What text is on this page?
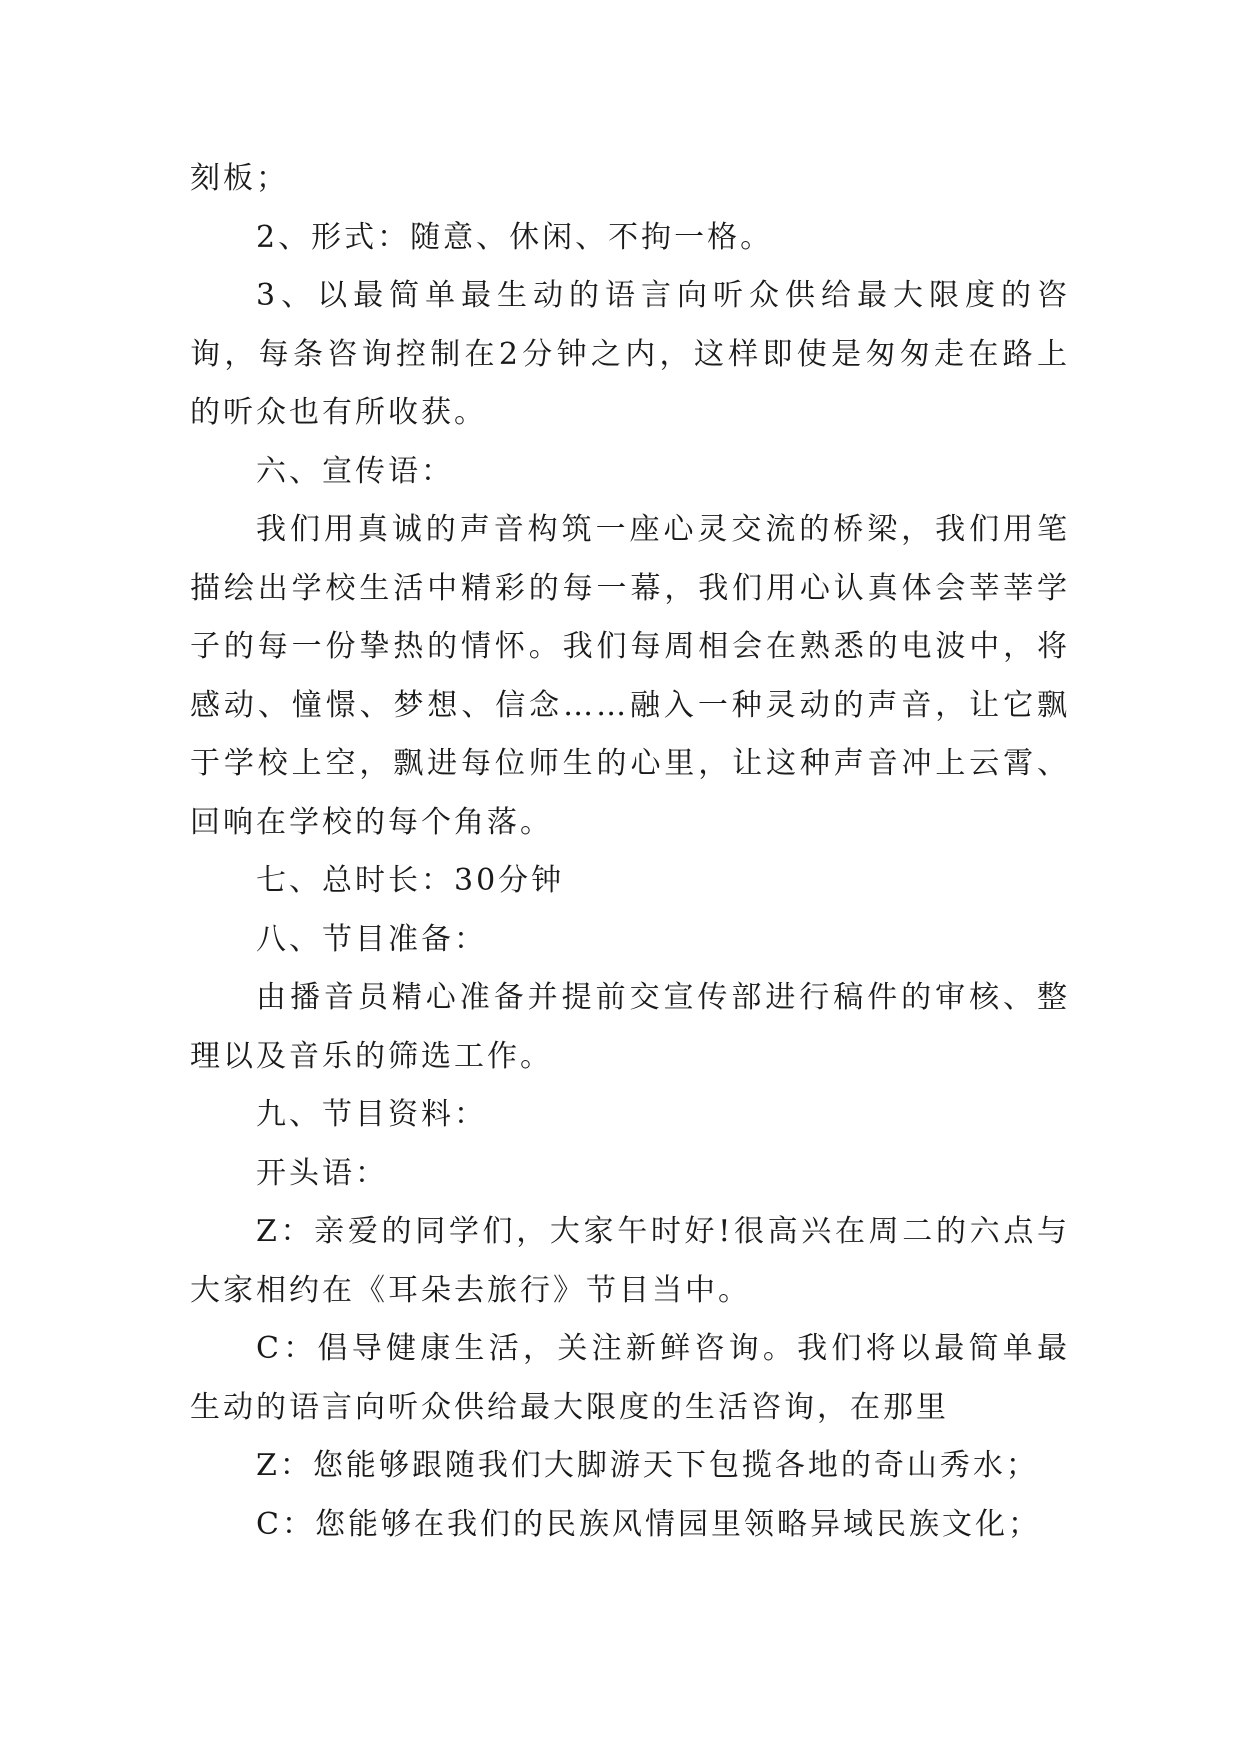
刻板；

2、形式：随意、休闲、不拘一格。

3、以最简单最生动的语言向听众供给最大限度的咨询，每条咨询控制在2分钟之内，这样即使是匆匆走在路上的听众也有所收获。

六、宣传语：

我们用真诚的声音构筑一座心灵交流的桥梁，我们用笔描绘出学校生活中精彩的每一幕，我们用心认真体会莘莘学子的每一份挚热的情怀。我们每周相会在熟悉的电波中，将感动、憧憬、梦想、信念……融入一种灵动的声音，让它飘于学校上空，飘进每位师生的心里，让这种声音冲上云霄、回响在学校的每个角落。

七、总时长：30分钟

八、节目准备：

由播音员精心准备并提前交宣传部进行稿件的审核、整理以及音乐的筛选工作。

九、节目资料：

开头语：

Z：亲爱的同学们，大家午时好!很高兴在周二的六点与大家相约在《耳朵去旅行》节目当中。

C：倡导健康生活，关注新鲜咨询。我们将以最简单最生动的语言向听众供给最大限度的生活咨询，在那里

Z：您能够跟随我们大脚游天下包揽各地的奇山秀水；

C：您能够在我们的民族风情园里领略异域民族文化；
